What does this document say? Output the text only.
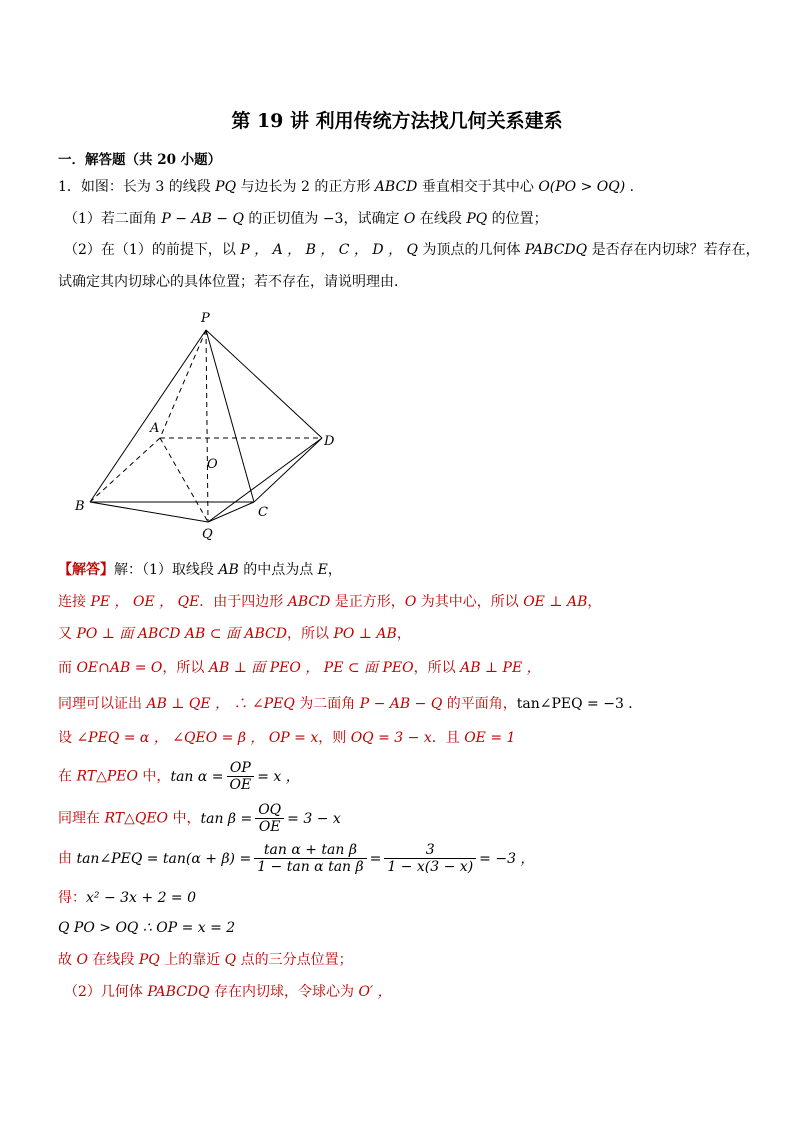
第 19 讲 利用传统方法找几何关系建系
一．解答题（共 20 小题）
1．如图：长为 3 的线段 PQ 与边长为 2 的正方形 ABCD 垂直相交于其中心 O(PO > OQ) ．
（1）若二面角 P − AB − Q 的正切值为 −3，试确定 O 在线段 PQ 的位置；
（2）在（1）的前提下，以 P ， A ， B ， C ， D ， Q 为顶点的几何体 PABCDQ 是否存在内切球？若存在，
试确定其内切球心的具体位置；若不存在，请说明理由．
P
A
D
O
B	C
Q
【解答】解：（1）取线段 AB 的中点为点 E，
连接 PE ， OE ， QE．由于四边形 ABCD 是正方形，O 为其中心，所以 OE ⊥ AB，
又 PO ⊥ 面 ABCD AB ⊂ 面 ABCD，所以 PO ⊥ AB，
而 OE∩AB = O，所以 AB ⊥ 面 PEO ， PE ⊂ 面 PEO，所以 AB ⊥ PE ，
同理可以证出 AB ⊥ QE ， ∴ ∠PEQ 为二面角 P − AB − Q 的平面角，tan∠PEQ = −3 ．
设 ∠PEQ = α ， ∠QEO = β ， OP = x，则 OQ = 3 − x．且 OE = 1
在 RT△PEO 中，$\tan \alpha = \frac{OP}{OE} = x$ ，
同理在 RT△QEO 中，$\tan \beta = \frac{OQ}{OE} = 3 - x$
由 tan∠PEQ = $\tan(\alpha + \beta) = \frac{\text{tan α + tan β}}{\text{1 − tan α tan β}} = \frac{3}{1 - x(3 - x)} = -3$ ，
得：x² − 3x + 2 = 0
Q PO > OQ ∴ OP = x = 2
故 O 在线段 PQ 上的靠近 Q 点的三分点位置；
（2）几何体 PABCDQ 存在内切球，令球心为 O′ ，
